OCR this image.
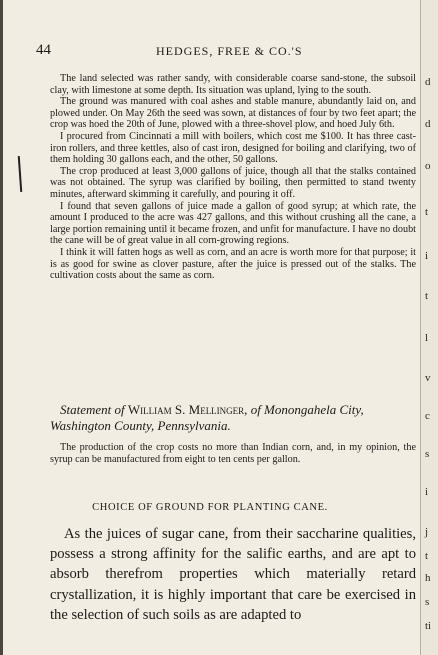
44	HEDGES, FREE & CO.'S

The land selected was rather sandy, with considerable coarse sand-stone, the subsoil clay, with limestone at some depth. Its situation was upland, lying to the south.

The ground was manured with coal ashes and stable manure, abundantly laid on, and plowed under. On May 26th the seed was sown, at distances of four by two feet apart; the crop was hoed the 20th of June, plowed with a three-shovel plow, and hoed July 6th.

I procured from Cincinnati a mill with boilers, which cost me $100. It has three cast-iron rollers, and three kettles, also of cast iron, designed for boiling and clarifying, two of them holding 30 gallons each, and the other, 50 gallons.

The crop produced at least 3,000 gallons of juice, though all that the stalks contained was not obtained. The syrup was clarified by boiling, then permitted to stand twenty minutes, afterward skimming it carefully, and pouring it off.

I found that seven gallons of juice made a gallon of good syrup; at which rate, the amount I produced to the acre was 427 gallons, and this without crushing all the cane, a large portion remaining until it became frozen, and unfit for manufacture. I have no doubt the cane will be of great value in all corn-growing regions.

I think it will fatten hogs as well as corn, and an acre is worth more for that purpose; it is as good for swine as clover pasture, after the juice is pressed out of the stalks. The cultivation costs about the same as corn.

Statement of William S. Mellinger, of Monongahela City, Washington County, Pennsylvania.

The production of the crop costs no more than Indian corn, and, in my opinion, the syrup can be manufactured from eight to ten cents per gallon.

CHOICE OF GROUND FOR PLANTING CANE.

As the juices of sugar cane, from their saccharine qualities, possess a strong affinity for the salific earths, and are apt to absorb therefrom properties which materially retard crystallization, it is highly important that care be exercised in the selection of such soils as are adapted to

d
d
o
t
i
t
l
v
c
s
i
j
t
h
s
ti
